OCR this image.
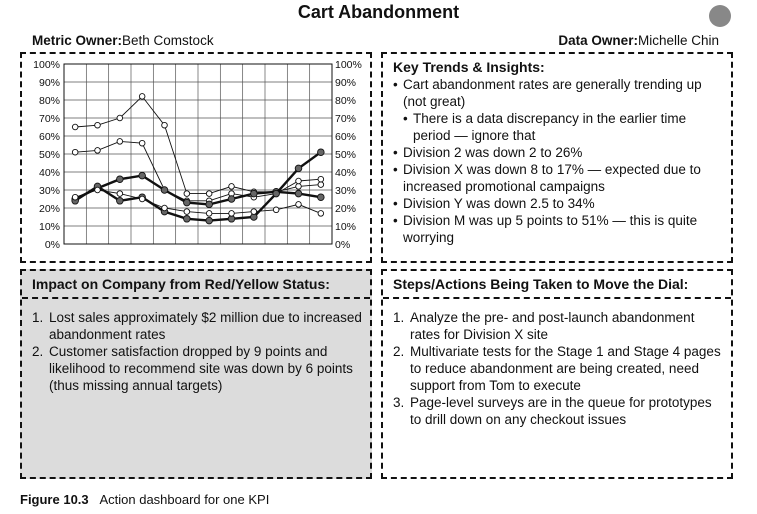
Cart Abandonment
Metric Owner:Beth Comstock	Data Owner:Michelle Chin
0%
10%
20%
30%
40%
50%
60%
70%
80%
90%
100%
0%
10%
20%
30%
40%
50%
60%
70%
80%
90%
100% Key Trends & Insights:
• Cart abandonment rates are generally trending up (not great)
• There is a data discrepancy in the earlier time period — ignore that
• Division 2 was down 2 to 26%
• Division X was down 8 to 17% — expected due to increased promotional campaigns
• Division Y was down 2.5 to 34%
• Division M was up 5 points to 51% — this is quite worrying
Impact on Company from Red/Yellow Status:
1. Lost sales approximately $2 million due to increased abandonment rates
2. Customer satisfaction dropped by 9 points and likelihood to recommend site was down by 6 points (thus missing annual targets)
Steps/Actions Being Taken to Move the Dial:
1. Analyze the pre- and post-launch abandonment rates for Division X site
2. Multivariate tests for the Stage 1 and Stage 4 pages to reduce abandonment are being created, need support from Tom to execute
3. Page-level surveys are in the queue for prototypes to drill down on any checkout issues
Figure 10.3 Action dashboard for one KPI
